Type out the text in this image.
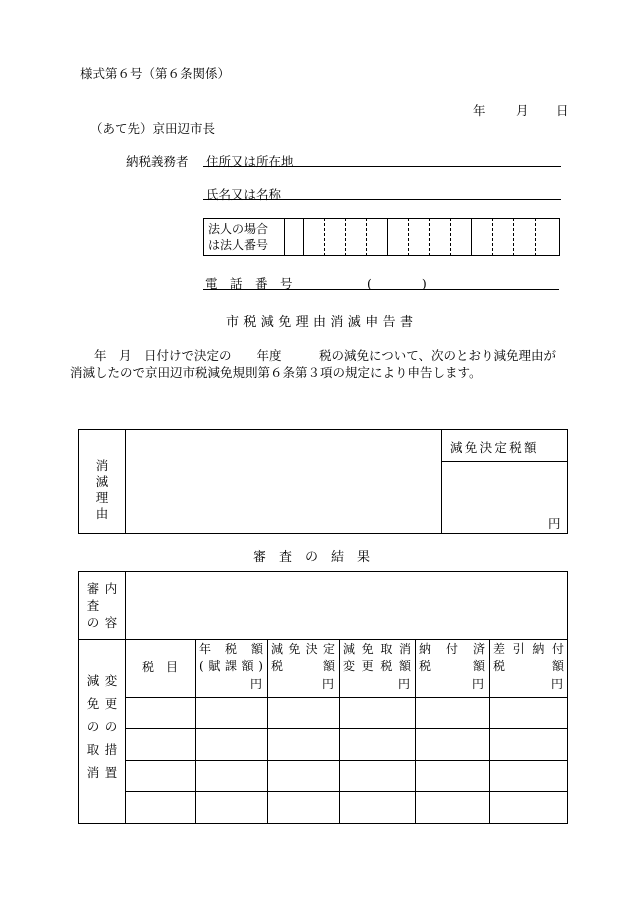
様式第６号（第６条関係）
年 月 日
（あて先）京田辺市長
納税義務者 住所又は所在地
氏名又は名称
法人の場合
は法人番号
電　話　番　号	(　　　　)
市税減免理由消滅申告書
年　月　日付けで決定の　　年度　　　税の減免について、次のとおり減免理由が
消滅したので京田辺市税減免規則第６条第３項の規定により申告します。
消
滅
理
由
減免決定税額
円
審　査　の　結　果
審
査
の
内

容
減
免
の
取
消
変
更
の
措
置
税　目
年 税 額
(賦課額)
円
減免決定
税　　額
円
減免取消
変更税額
円
納 付 済
税　　額
円
差引納付
税　　額
円
